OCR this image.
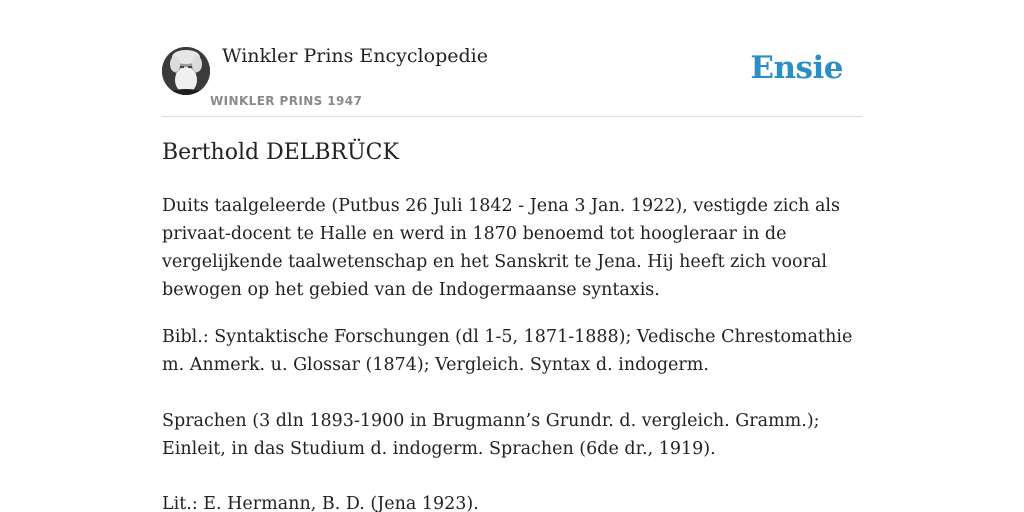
Winkler Prins Encyclopedie
WINKLER PRINS 1947
Ensie
Berthold DELBRÜCK

Duits taalgeleerde (Putbus 26 Juli 1842 - Jena 3 Jan. 1922), vestigde zich als privaat-docent te Halle en werd in 1870 benoemd tot hoogleraar in de vergelijkende taalwetenschap en het Sanskrit te Jena. Hij heeft zich vooral bewogen op het gebied van de Indogermaanse syntaxis.

Bibl.: Syntaktische Forschungen (dl 1-5, 1871-1888); Vedische Chrestomathie m. Anmerk. u. Glossar (1874); Vergleich. Syntax d. indogerm.

Sprachen (3 dln 1893-1900 in Brugmann’s Grundr. d. vergleich. Gramm.); Einleit, in das Studium d. indogerm. Sprachen (6de dr., 1919).

Lit.: E. Hermann, B. D. (Jena 1923).
